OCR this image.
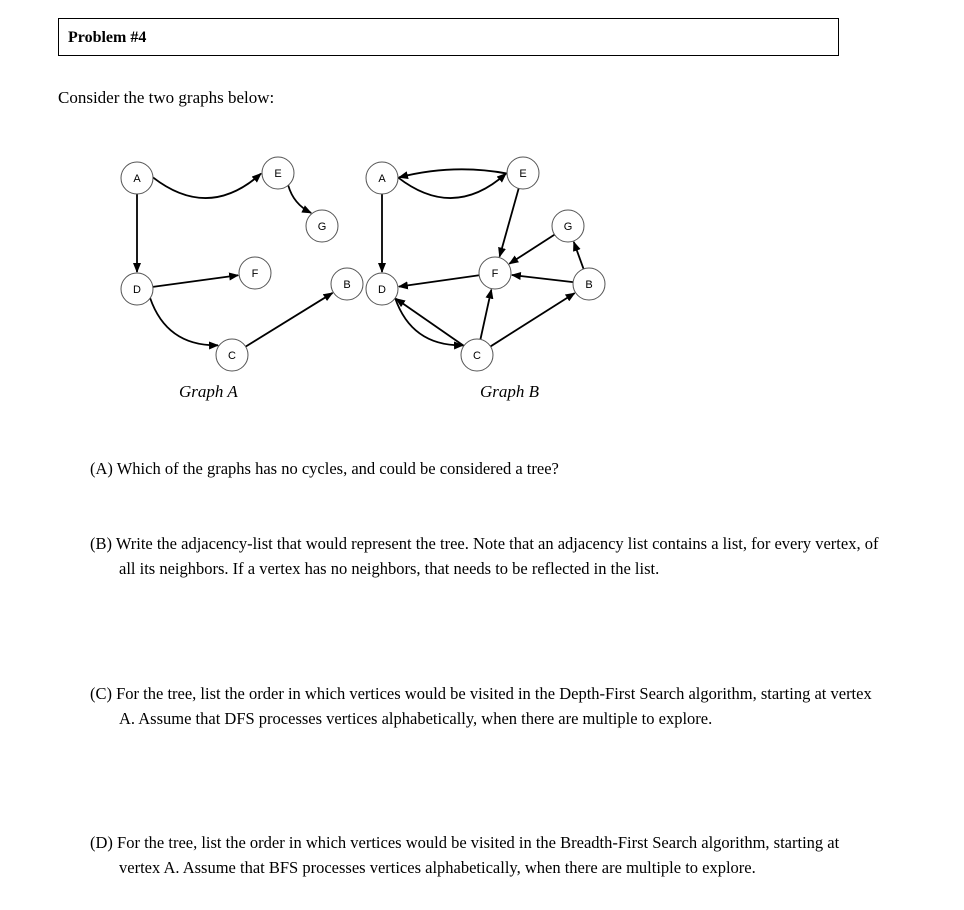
Problem #4
Consider the two graphs below:
A	E
G
D
F
B
C
A	E
G
D
F
B
C
Graph A	Graph B
(A) Which of the graphs has no cycles, and could be considered a tree?
(B) Write the adjacency-list that would represent the tree. Note that an adjacency list contains a list, for every vertex, of all its neighbors. If a vertex has no neighbors, that needs to be reflected in the list.
(C) For the tree, list the order in which vertices would be visited in the Depth-First Search algorithm, starting at vertex A. Assume that DFS processes vertices alphabetically, when there are multiple to explore.
(D) For the tree, list the order in which vertices would be visited in the Breadth-First Search algorithm, starting at vertex A. Assume that BFS processes vertices alphabetically, when there are multiple to explore.
